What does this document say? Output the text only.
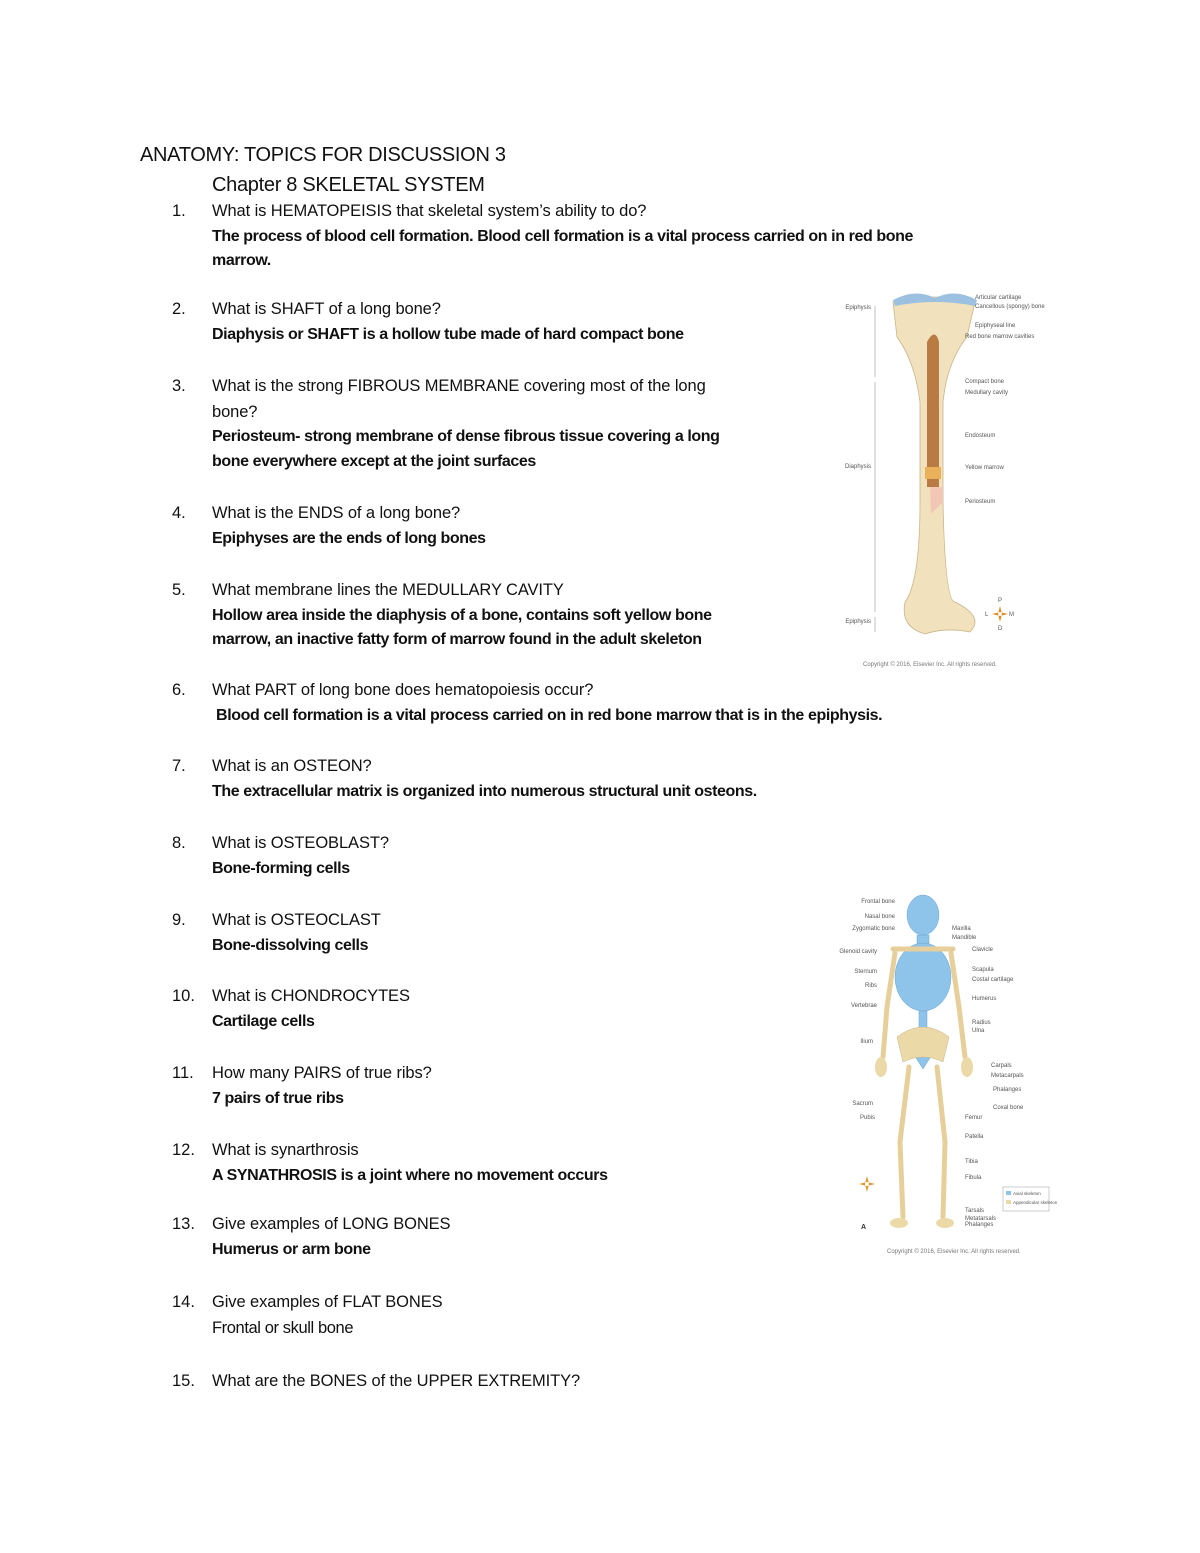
ANATOMY: TOPICS FOR DISCUSSION 3
Chapter 8 SKELETAL SYSTEM
1. What is HEMATOPEISIS that skeletal system’s ability to do?
The process of blood cell formation. Blood cell formation is a vital process carried on in red bone
marrow.
2. What is SHAFT of a long bone?
Diaphysis or SHAFT is a hollow tube made of hard compact bone
3. What is the strong FIBROUS MEMBRANE covering most of the long
bone?
Periosteum- strong membrane of dense fibrous tissue covering a long
bone everywhere except at the joint surfaces
4. What is the ENDS of a long bone?
Epiphyses are the ends of long bones
5. What membrane lines the MEDULLARY CAVITY
Hollow area inside the diaphysis of a bone, contains soft yellow bone
marrow, an inactive fatty form of marrow found in the adult skeleton
6. What PART of long bone does hematopoiesis occur?
Blood cell formation is a vital process carried on in red bone marrow that is in the epiphysis.
7. What is an OSTEON?
The extracellular matrix is organized into numerous structural unit osteons.
8. What is OSTEOBLAST?
Bone-forming cells
9. What is OSTEOCLAST
Bone-dissolving cells
10. What is CHONDROCYTES
Cartilage cells
11. How many PAIRS of true ribs?
7 pairs of true ribs
12. What is synarthrosis
A SYNATHROSIS is a joint where no movement occurs
13. Give examples of LONG BONES
Humerus or arm bone
14. Give examples of FLAT BONES
Frontal or skull bone
15. What are the BONES of the UPPER EXTREMITY?
Epiphysis
Diaphysis
Epiphysis
Articular cartilage
Cancellous (spongy) bone
Epiphyseal line
Red bone marrow cavities
Compact bone
Medullary cavity
Endosteum
Yellow marrow
Periosteum
P
L	M
D
Copyright © 2016, Elsevier Inc. All rights reserved.
Frontal bone
Nasal bone
Zygomatic bone
Glenoid cavity
Sternum
Ribs
Vertebrae
Ilium
Sacrum
Pubis
Maxilla
Mandible
Clavicle
Scapula
Costal cartilage
Humerus
Radius
Ulna
Carpals
Metacarpals
Phalanges
Coxal bone
Femur
Patella
Tibia
Fibula
Tarsals
Metatarsals
Phalanges
A
Axial skeleton
Appendicular skeleton
Copyright © 2016, Elsevier Inc. All rights reserved.
